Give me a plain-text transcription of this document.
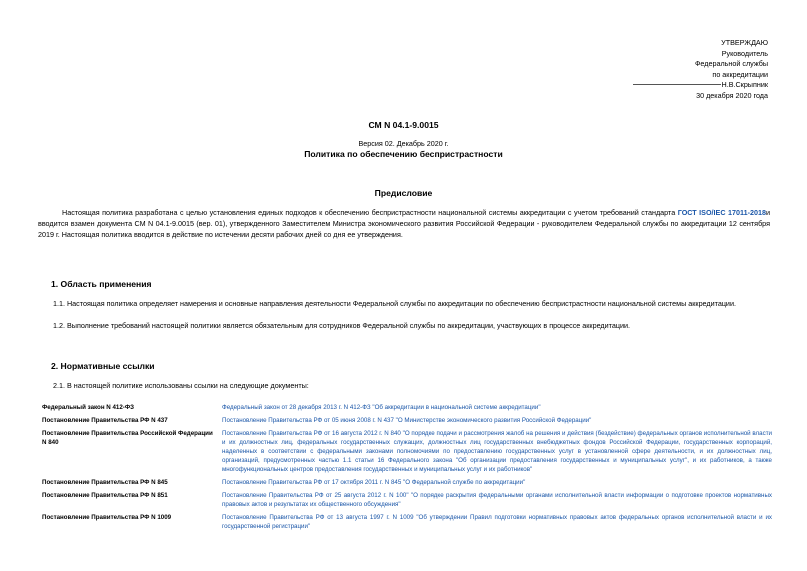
УТВЕРЖДАЮ
Руководитель
Федеральной службы
по аккредитации
Н.В.Скрыпник
30 декабря 2020 года
СМ N 04.1-9.0015
Версия 02. Декабрь 2020 г.
Политика по обеспечению беспристрастности
Предисловие
Настоящая политика разработана с целью установления единых подходов к обеспечению беспристрастности национальной системы аккредитации с учетом требований стандарта ГОСТ ISO/IEC 17011-2018и вводится взамен документа СМ N 04.1-9.0015 (вер. 01), утвержденного Заместителем Министра экономического развития Российской Федерации - руководителем Федеральной службы по аккредитации 12 сентября 2019 г. Настоящая политика вводится в действие по истечении десяти рабочих дней со дня ее утверждения.
1. Область применения
1.1. Настоящая политика определяет намерения и основные направления деятельности Федеральной службы по аккредитации по обеспечению беспристрастности национальной системы аккредитации.
1.2. Выполнение требований настоящей политики является обязательным для сотрудников Федеральной службы по аккредитации, участвующих в процессе аккредитации.
2. Нормативные ссылки
2.1. В настоящей политике использованы ссылки на следующие документы:
Федеральный закон N 412-ФЗ	Федеральный закон от 28 декабря 2013 г. N 412-ФЗ "Об аккредитации в национальной системе аккредитации"
Постановление Правительства РФ N 437	Постановление Правительства РФ от 05 июня 2008 г. N 437 "О Министерстве экономического развития Российской Федерации"
Постановление Правительства Российской Федерации N 840	Постановление Правительства РФ от 16 августа 2012 г. N 840 "О порядке подачи и рассмотрения жалоб на решения и действия (бездействие) федеральных органов исполнительной власти и их должностных лиц, федеральных государственных служащих, должностных лиц государственных внебюджетных фондов Российской Федерации, государственных корпораций, наделенных в соответствии с федеральными законами полномочиями по предоставлению государственных услуг в установленной сфере деятельности, и их должностных лиц, организаций, предусмотренных частью 1.1 статьи 16 Федерального закона "Об организации предоставления государственных и муниципальных услуг", и их работников, а также многофункциональных центров предоставления государственных и муниципальных услуг и их работников"
Постановление Правительства РФ N 845	Постановление Правительства РФ от 17 октября 2011 г. N 845 "О Федеральной службе по аккредитации"
Постановление Правительства РФ N 851	Постановление Правительства РФ от 25 августа 2012 г. N 100" "О порядке раскрытия федеральными органами исполнительной власти информации о подготовке проектов нормативных правовых актов и результатах их общественного обсуждения"
Постановление Правительства РФ N 1009	Постановление Правительства РФ от 13 августа 1997 г. N 1009 "Об утверждении Правил подготовки нормативных правовых актов федеральных органов исполнительной власти и их государственной регистрации"
